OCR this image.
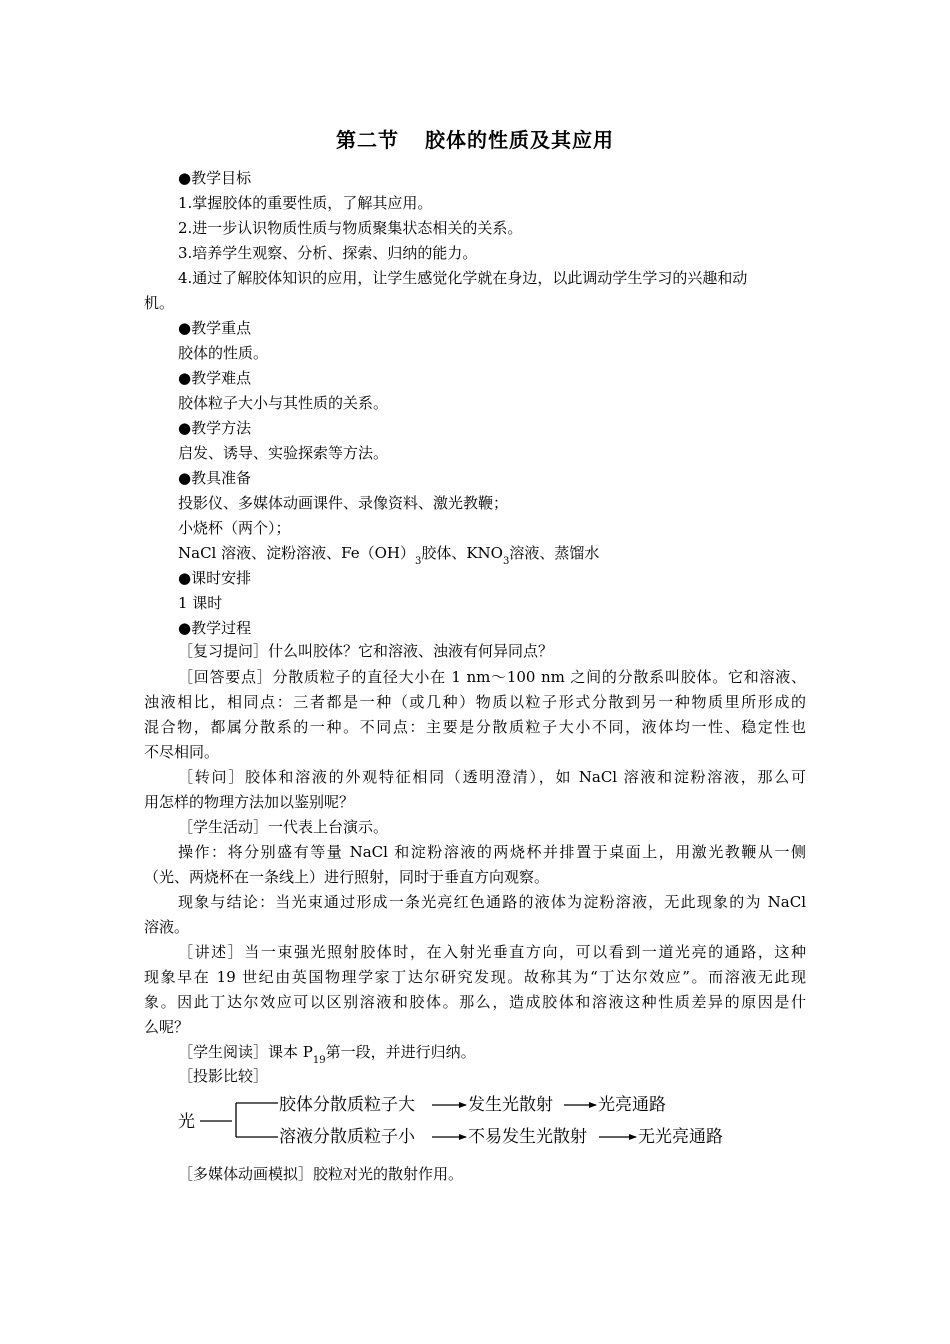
第二节 胶体的性质及其应用
●教学目标
1.掌握胶体的重要性质，了解其应用。
2.进一步认识物质性质与物质聚集状态相关的关系。
3.培养学生观察、分析、探索、归纳的能力。
4.通过了解胶体知识的应用，让学生感觉化学就在身边，以此调动学生学习的兴趣和动
机。
●教学重点
胶体的性质。
●教学难点
胶体粒子大小与其性质的关系。
●教学方法
启发、诱导、实验探索等方法。
●教具准备
投影仪、多媒体动画课件、录像资料、激光教鞭；
小烧杯（两个）；
NaCl 溶液、淀粉溶液、$Fe(OH)_3$胶体、$KNO_3$溶液、蒸馏水
●课时安排
1 课时
●教学过程
［复习提问］什么叫胶体？它和溶液、浊液有何异同点？
［回答要点］分散质粒子的直径大小在 1 nm～100 nm 之间的分散系叫胶体。它和溶液、
浊液相比，相同点：三者都是一种（或几种）物质以粒子形式分散到另一种物质里所形成的
混合物，都属分散系的一种。不同点：主要是分散质粒子大小不同，液体均一性、稳定性也
不尽相同。
［转问］胶体和溶液的外观特征相同（透明澄清），如 NaCl 溶液和淀粉溶液，那么可
用怎样的物理方法加以鉴别呢？
［学生活动］一代表上台演示。
操作：将分别盛有等量 NaCl 和淀粉溶液的两烧杯并排置于桌面上，用激光教鞭从一侧
（光、两烧杯在一条线上）进行照射，同时于垂直方向观察。
现象与结论：当光束通过形成一条光亮红色通路的液体为淀粉溶液，无此现象的为 NaCl
溶液。
［讲述］当一束强光照射胶体时，在入射光垂直方向，可以看到一道光亮的通路，这种
现象早在 19 世纪由英国物理学家丁达尔研究发现。故称其为“丁达尔效应”。而溶液无此现
象。因此丁达尔效应可以区别溶液和胶体。那么，造成胶体和溶液这种性质差异的原因是什
么呢？
［学生阅读］课本 $P_{19}$第一段，并进行归纳。
［投影比较］
光
胶体分散质粒子大	发生光散射	光亮通路
溶液分散质粒子小	不易发生光散射	无光亮通路
［多媒体动画模拟］胶粒对光的散射作用。
